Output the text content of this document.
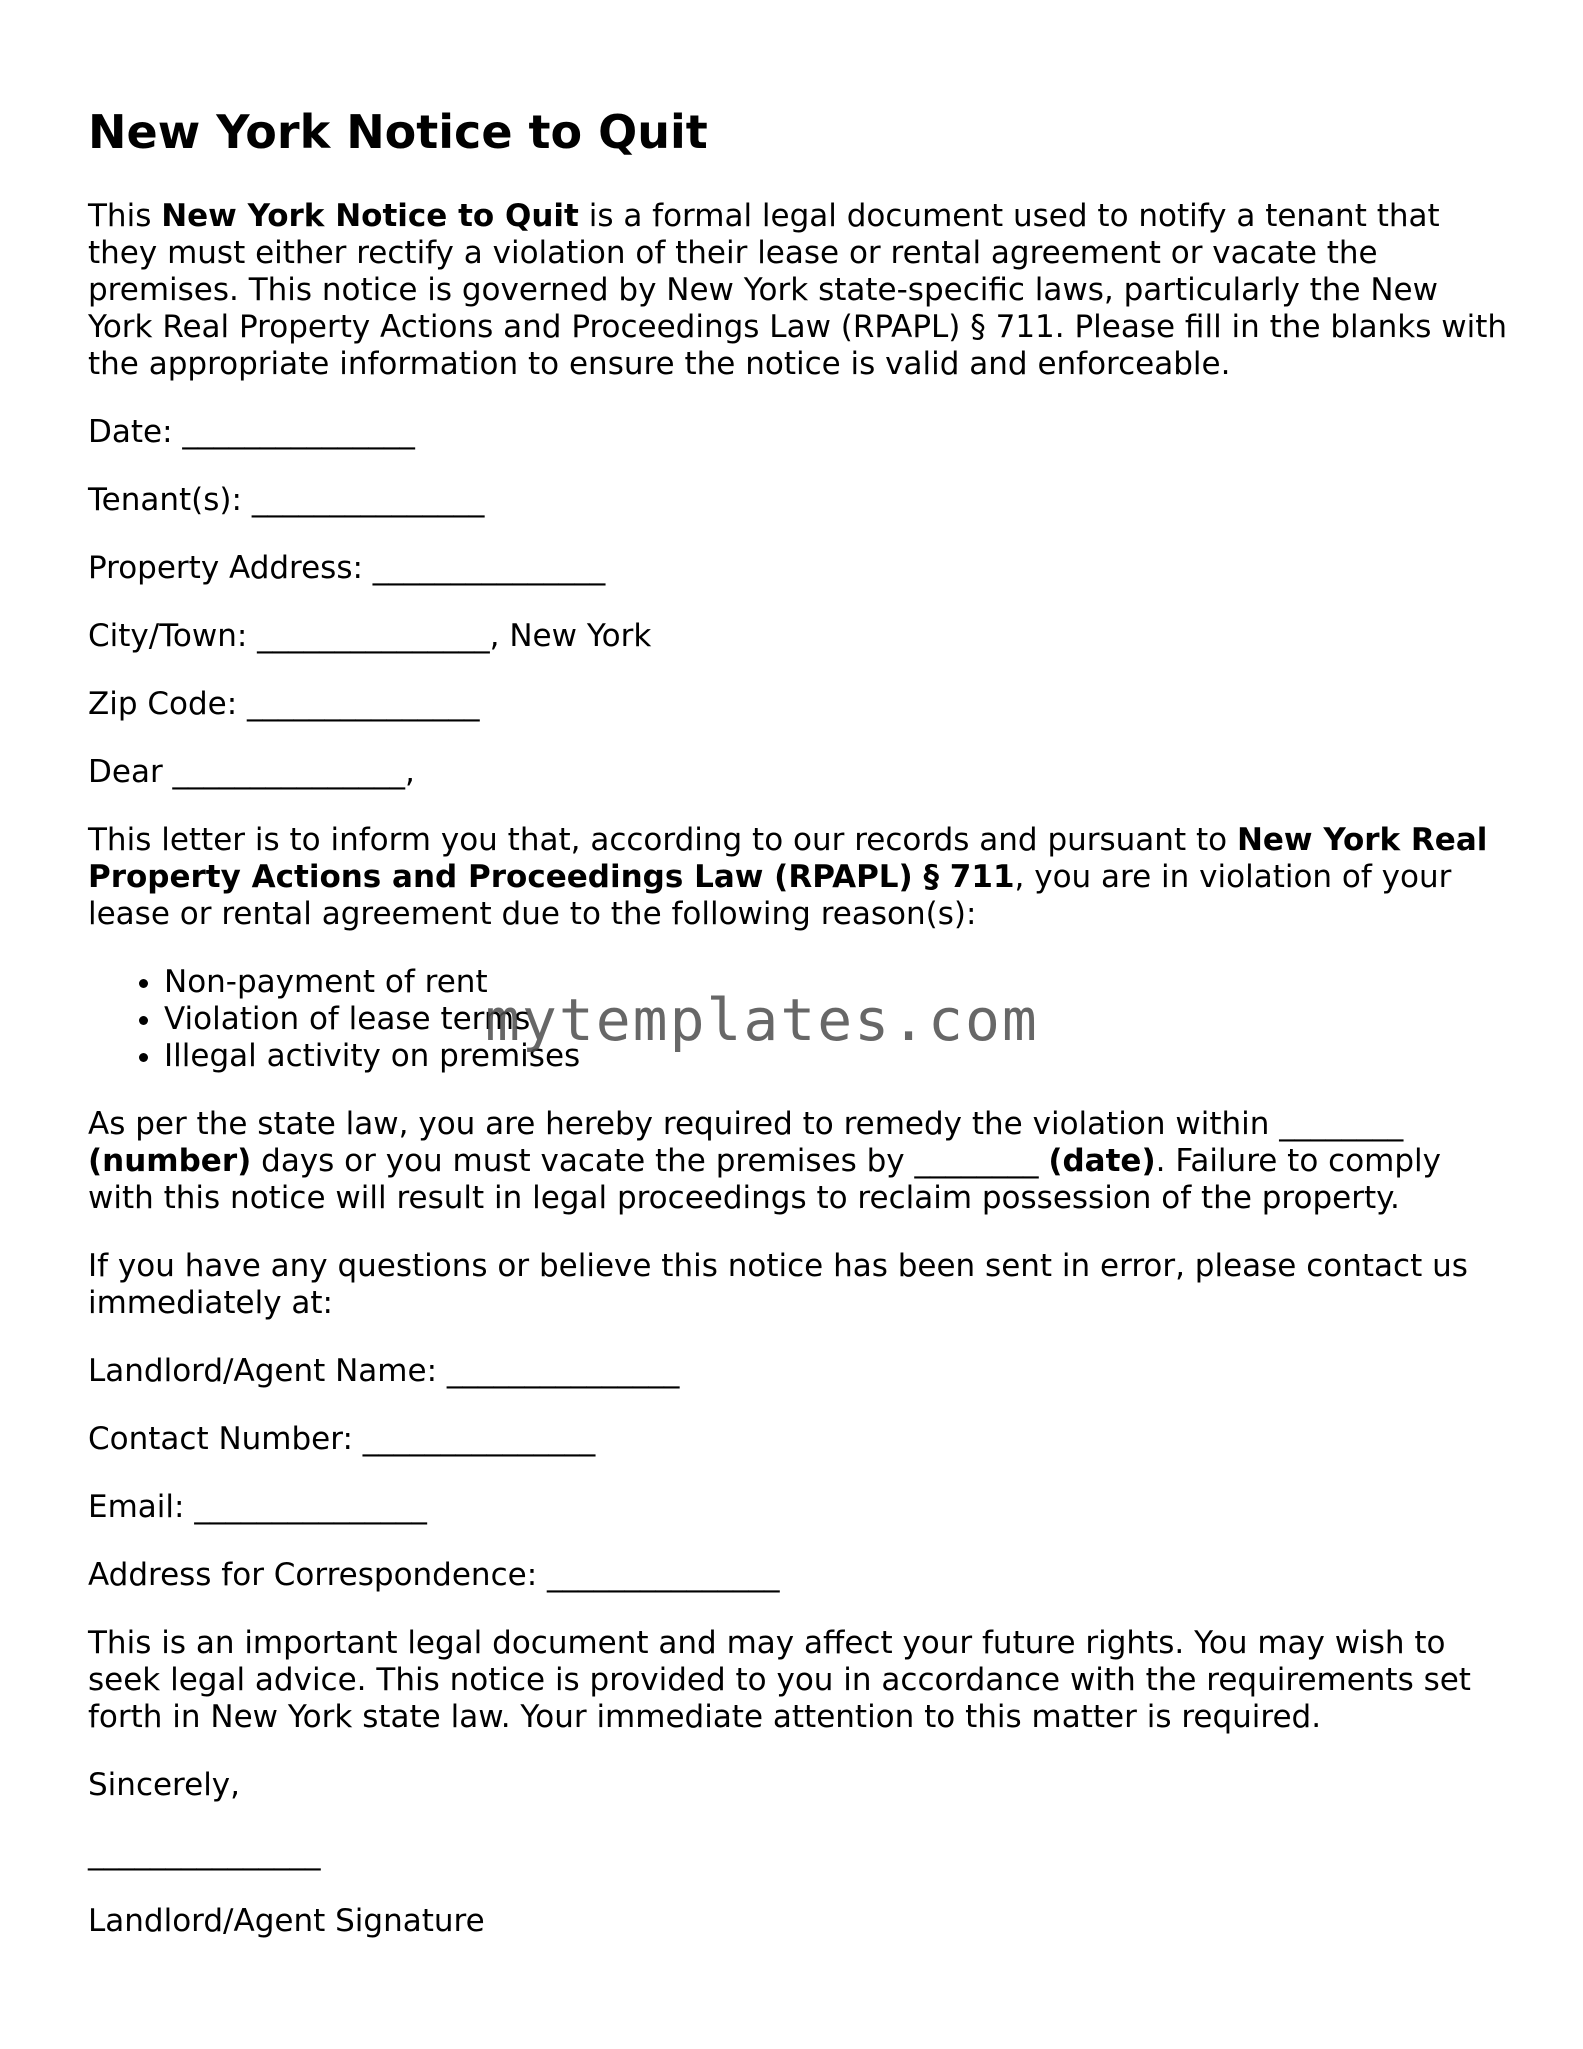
New York Notice to Quit

This New York Notice to Quit is a formal legal document used to notify a tenant that they must either rectify a violation of their lease or rental agreement or vacate the premises. This notice is governed by New York state-specific laws, particularly the New York Real Property Actions and Proceedings Law (RPAPL) § 711. Please fill in the blanks with the appropriate information to ensure the notice is valid and enforceable.

Date: _______________
Tenant(s): _______________
Property Address: _______________
City/Town: _______________, New York
Zip Code: _______________
Dear _______________,

This letter is to inform you that, according to our records and pursuant to New York Real Property Actions and Proceedings Law (RPAPL) § 711, you are in violation of your lease or rental agreement due to the following reason(s):

• Non-payment of rent
• Violation of lease terms
• Illegal activity on premises

As per the state law, you are hereby required to remedy the violation within ________ (number) days or you must vacate the premises by ________ (date). Failure to comply with this notice will result in legal proceedings to reclaim possession of the property.

If you have any questions or believe this notice has been sent in error, please contact us immediately at:

Landlord/Agent Name: _______________
Contact Number: _______________
Email: _______________
Address for Correspondence: _______________

This is an important legal document and may affect your future rights. You may wish to seek legal advice. This notice is provided to you in accordance with the requirements set forth in New York state law. Your immediate attention to this matter is required.

Sincerely,

_______________
Landlord/Agent Signature
mytemplates.com
